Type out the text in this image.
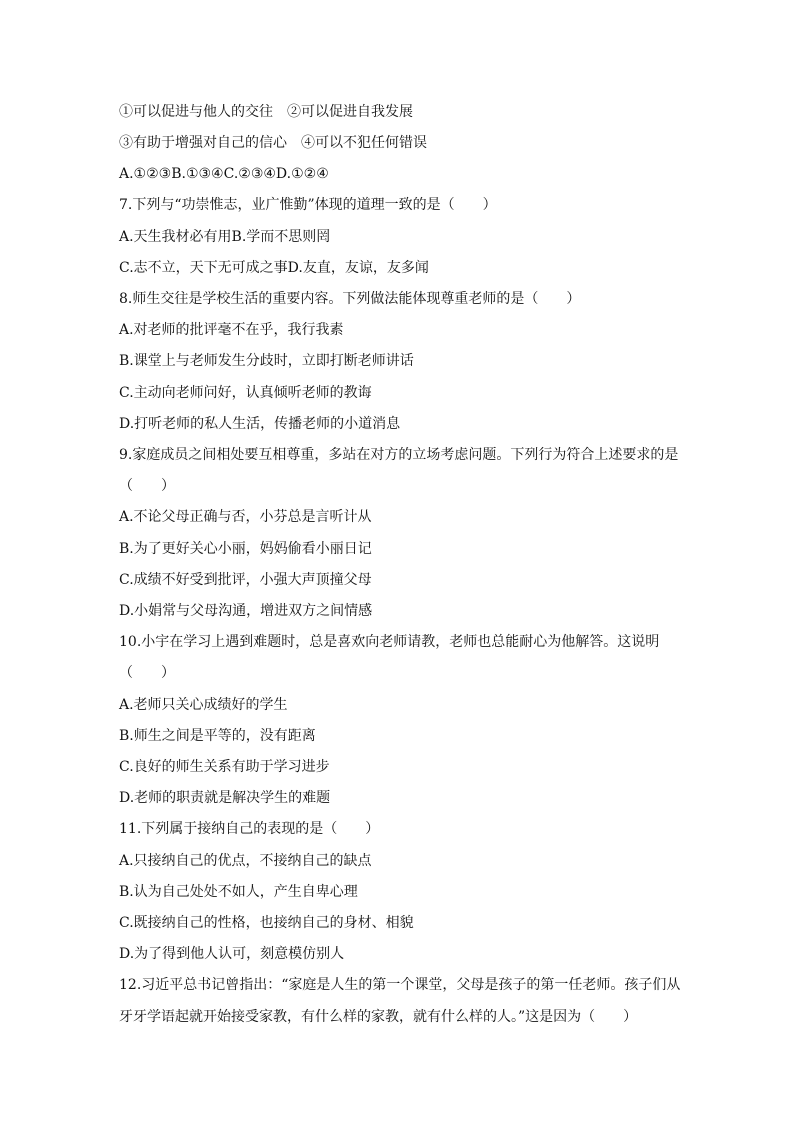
①可以促进与他人的交往　②可以促进自我发展
③有助于增强对自己的信心　④可以不犯任何错误
A.①②③B.①③④C.②③④D.①②④
7.下列与“功崇惟志，业广惟勤”体现的道理一致的是（　　）
A.天生我材必有用B.学而不思则罔
C.志不立，天下无可成之事D.友直，友谅，友多闻
8.师生交往是学校生活的重要内容。下列做法能体现尊重老师的是（　　）
A.对老师的批评毫不在乎，我行我素
B.课堂上与老师发生分歧时，立即打断老师讲话
C.主动向老师问好，认真倾听老师的教诲
D.打听老师的私人生活，传播老师的小道消息
9.家庭成员之间相处要互相尊重，多站在对方的立场考虑问题。下列行为符合上述要求的是
（　　）
A.不论父母正确与否，小芬总是言听计从
B.为了更好关心小丽，妈妈偷看小丽日记
C.成绩不好受到批评，小强大声顶撞父母
D.小娟常与父母沟通，增进双方之间情感
10.小宇在学习上遇到难题时，总是喜欢向老师请教，老师也总能耐心为他解答。这说明
（　　）
A.老师只关心成绩好的学生
B.师生之间是平等的，没有距离
C.良好的师生关系有助于学习进步
D.老师的职责就是解决学生的难题
11.下列属于接纳自己的表现的是（　　）
A.只接纳自己的优点，不接纳自己的缺点
B.认为自己处处不如人，产生自卑心理
C.既接纳自己的性格，也接纳自己的身材、相貌
D.为了得到他人认可，刻意模仿别人
12.习近平总书记曾指出：“家庭是人生的第一个课堂，父母是孩子的第一任老师。孩子们从
牙牙学语起就开始接受家教，有什么样的家教，就有什么样的人。”这是因为（　　）
